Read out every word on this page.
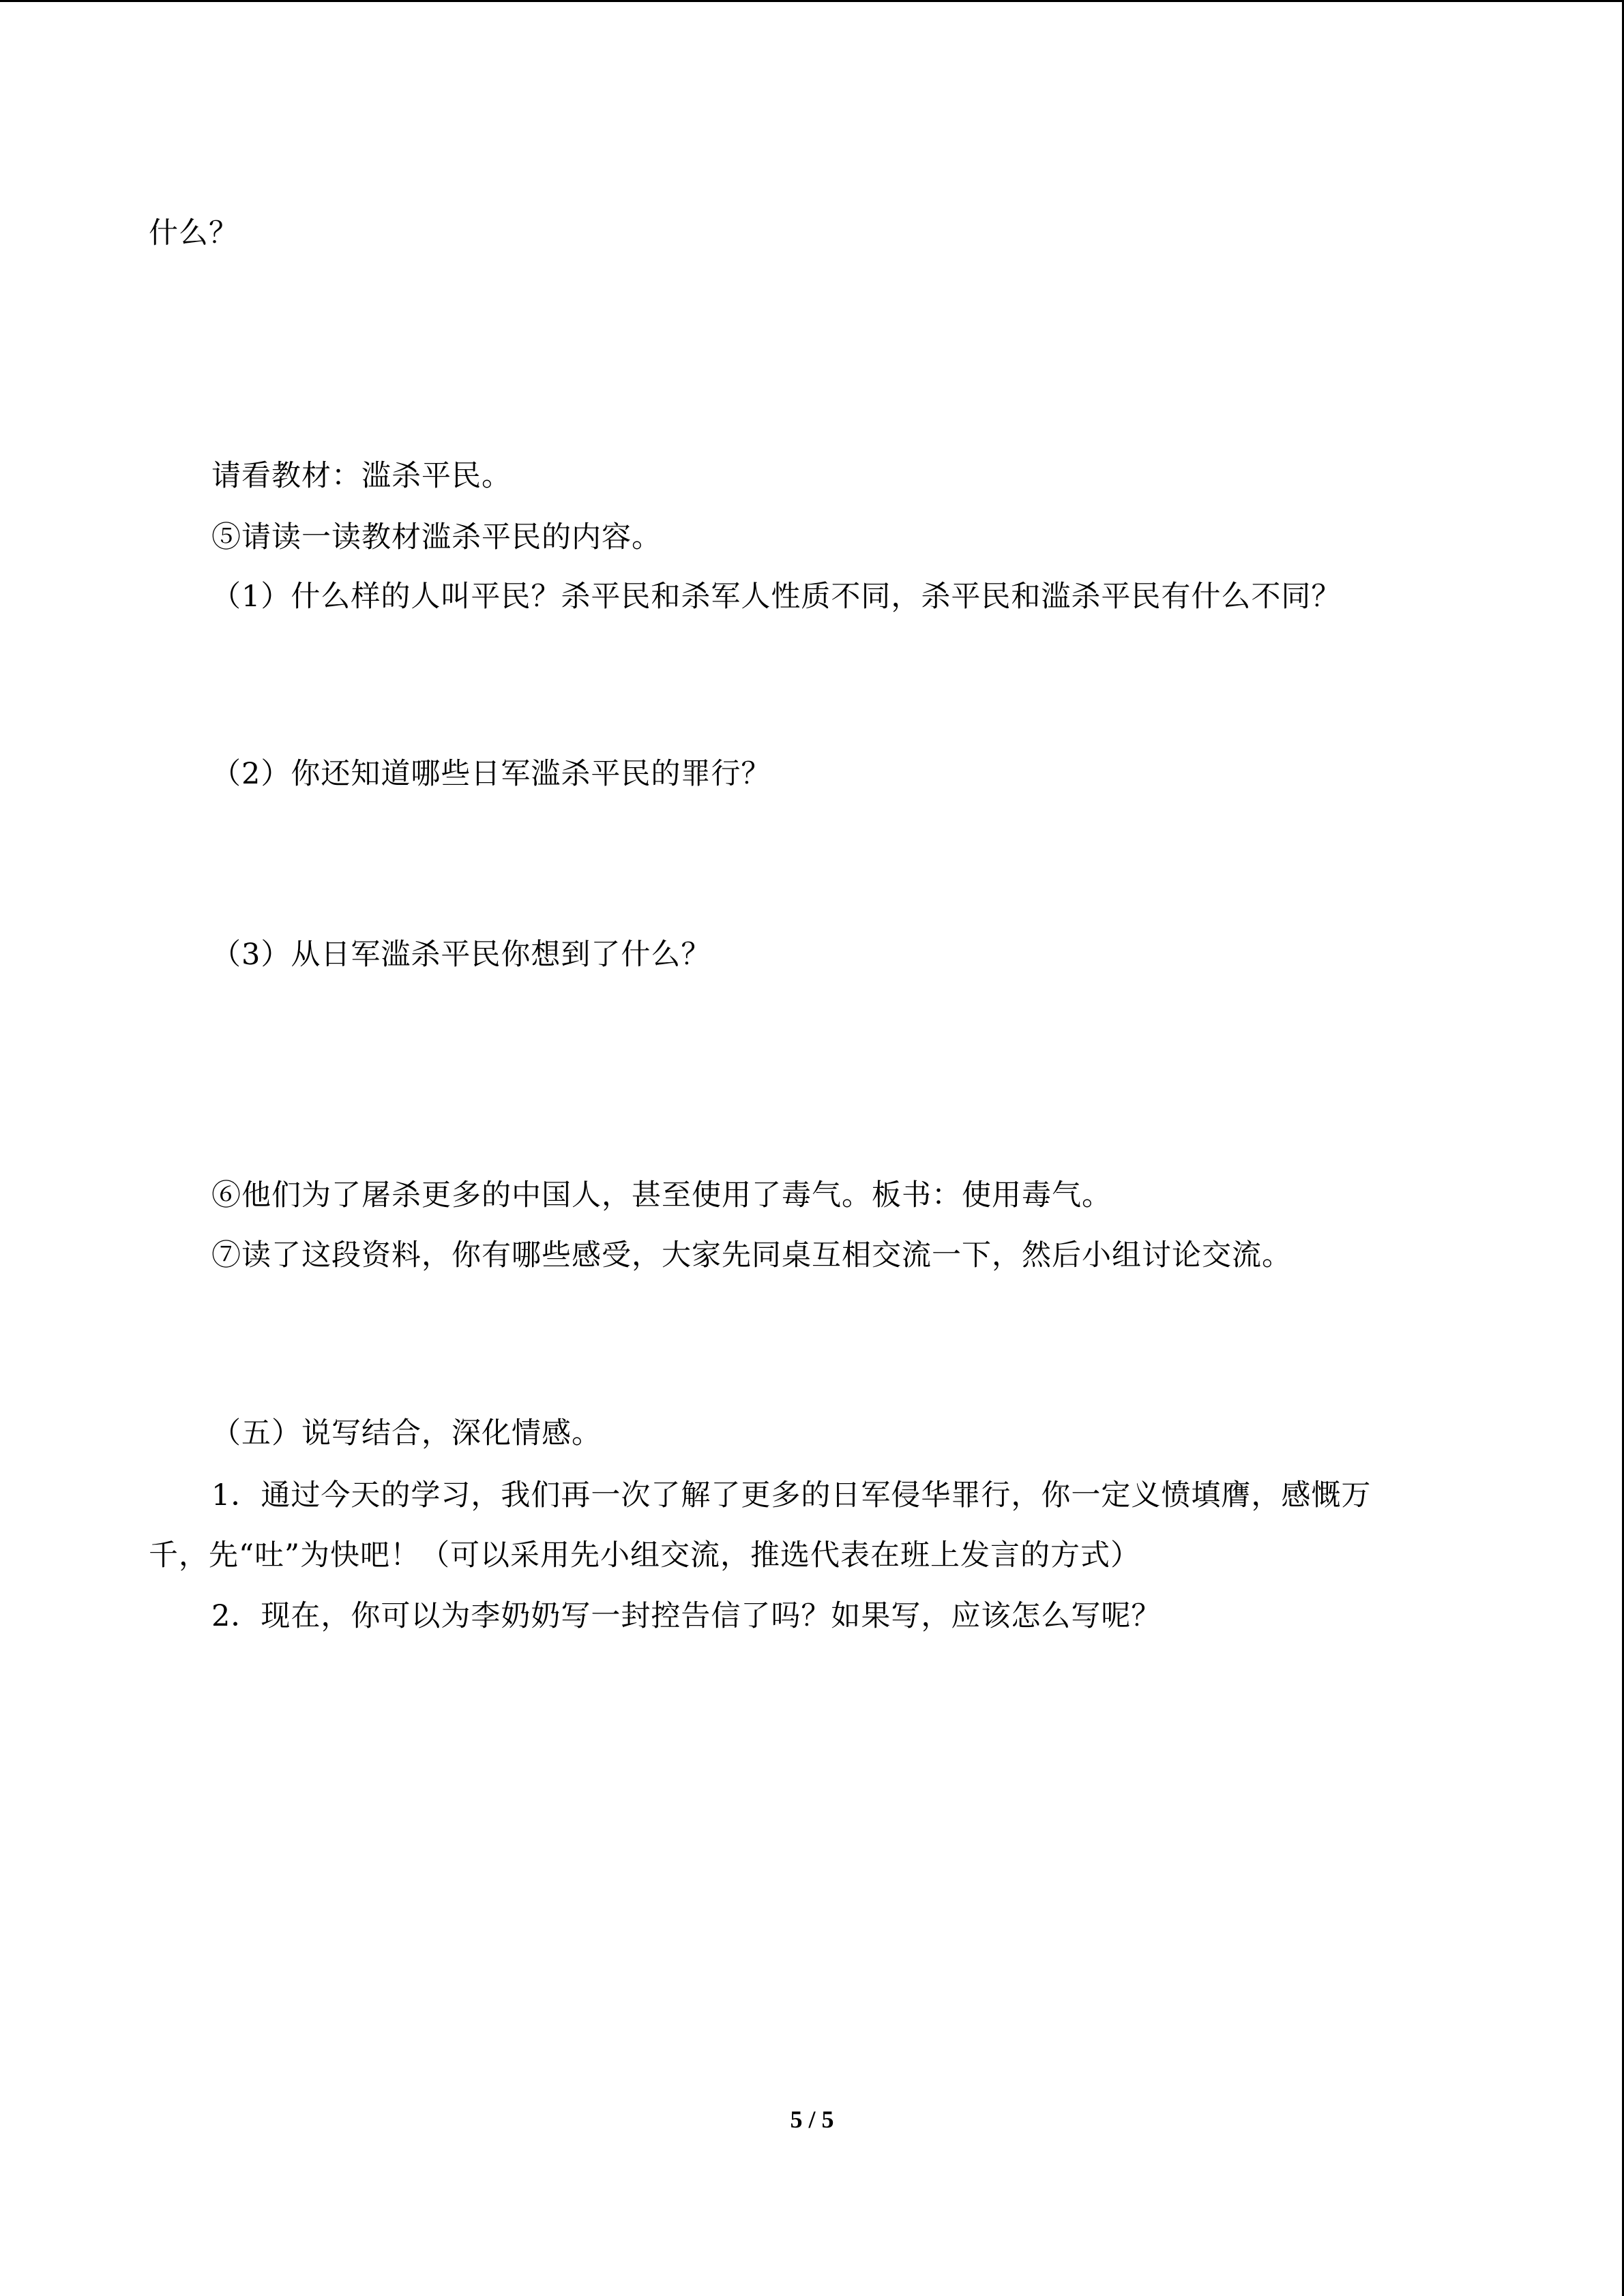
什么？
请看教材：滥杀平民。
⑤请读一读教材滥杀平民的内容。
（1）什么样的人叫平民？杀平民和杀军人性质不同，杀平民和滥杀平民有什么不同？
（2）你还知道哪些日军滥杀平民的罪行？
（3）从日军滥杀平民你想到了什么？
⑥他们为了屠杀更多的中国人，甚至使用了毒气。板书：使用毒气。
⑦读了这段资料，你有哪些感受，大家先同桌互相交流一下，然后小组讨论交流。
（五）说写结合，深化情感。
1．通过今天的学习，我们再一次了解了更多的日军侵华罪行，你一定义愤填膺，感慨万
千，先“吐”为快吧！（可以采用先小组交流，推选代表在班上发言的方式）
2．现在，你可以为李奶奶写一封控告信了吗？如果写，应该怎么写呢？
5 / 5
